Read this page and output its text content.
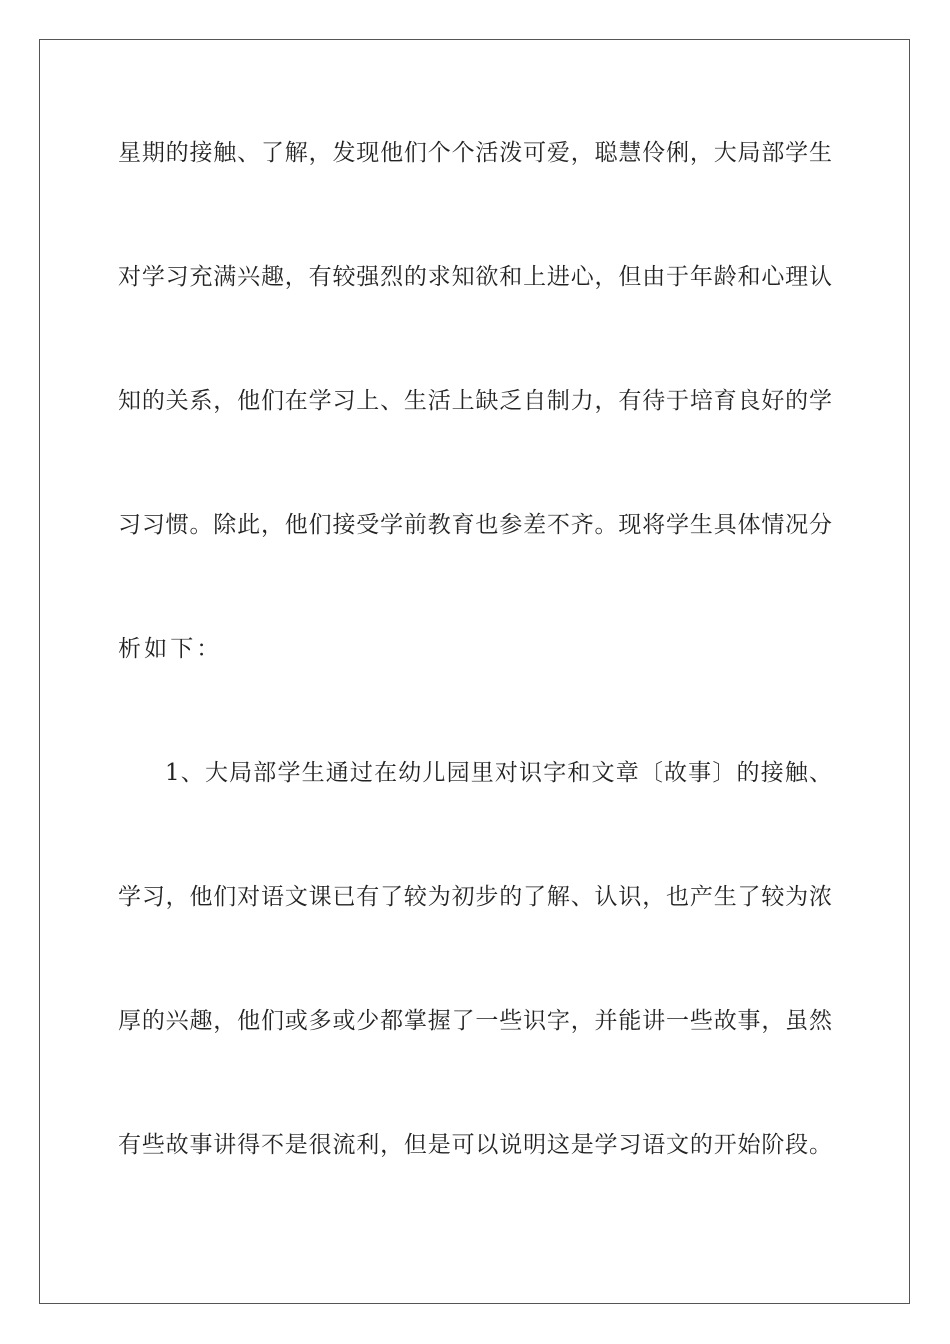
星期的接触、了解，发现他们个个活泼可爱，聪慧伶俐，大局部学生
对学习充满兴趣，有较强烈的求知欲和上进心，但由于年龄和心理认
知的关系，他们在学习上、生活上缺乏自制力，有待于培育良好的学
习习惯。除此，他们接受学前教育也参差不齐。现将学生具体情况分
析如下：
1、大局部学生通过在幼儿园里对识字和文章〔故事〕的接触、
学习，他们对语文课已有了较为初步的了解、认识，也产生了较为浓
厚的兴趣，他们或多或少都掌握了一些识字，并能讲一些故事，虽然
有些故事讲得不是很流利，但是可以说明这是学习语文的开始阶段。
